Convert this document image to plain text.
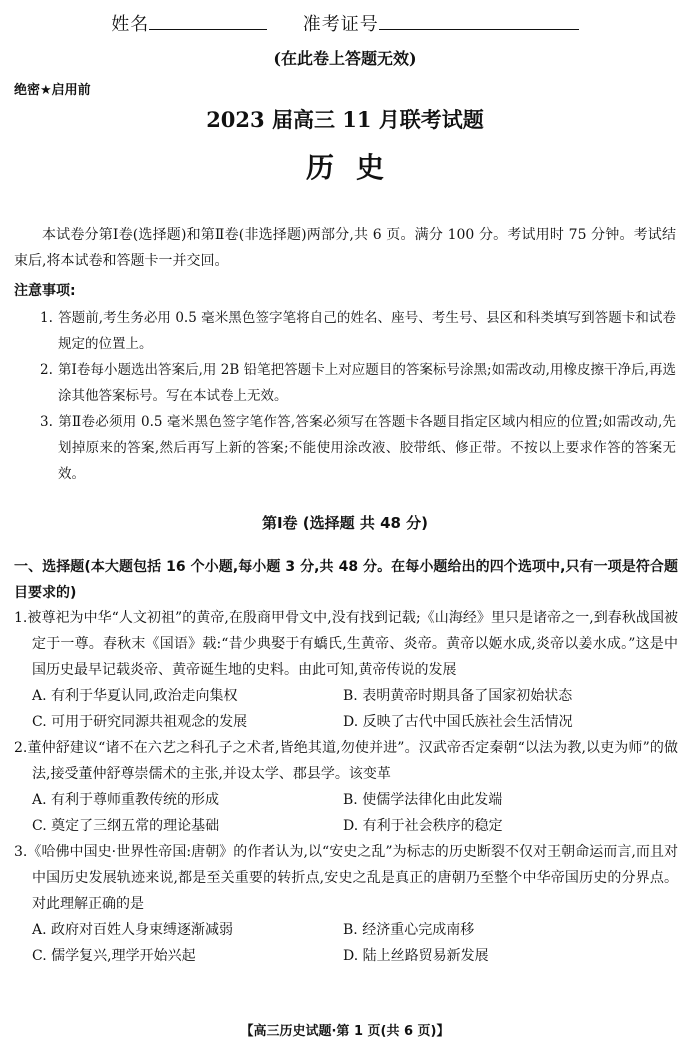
姓名	准考证号
(在此卷上答题无效)
绝密★启用前
2023 届高三 11 月联考试题
历史
本试卷分第Ⅰ卷(选择题)和第Ⅱ卷(非选择题)两部分,共 6 页。满分 100 分。考试用时 75 分钟。考试结束后,将本试卷和答题卡一并交回。
注意事项:
1. 答题前,考生务必用 0.5 毫米黑色签字笔将自己的姓名、座号、考生号、县区和科类填写到答题卡和试卷规定的位置上。
2. 第Ⅰ卷每小题选出答案后,用 2B 铅笔把答题卡上对应题目的答案标号涂黑;如需改动,用橡皮擦干净后,再选涂其他答案标号。写在本试卷上无效。
3. 第Ⅱ卷必须用 0.5 毫米黑色签字笔作答,答案必须写在答题卡各题目指定区域内相应的位置;如需改动,先划掉原来的答案,然后再写上新的答案;不能使用涂改液、胶带纸、修正带。不按以上要求作答的答案无效。
第Ⅰ卷 (选择题 共 48 分)
一、选择题(本大题包括 16 个小题,每小题 3 分,共 48 分。在每小题给出的四个选项中,只有一项是符合题目要求的)
1.被尊祀为中华“人文初祖”的黄帝,在殷商甲骨文中,没有找到记载;《山海经》里只是诸帝之一,到春秋战国被定于一尊。春秋末《国语》载:“昔少典娶于有蟜氏,生黄帝、炎帝。黄帝以姬水成,炎帝以姜水成。”这是中国历史最早记载炎帝、黄帝诞生地的史料。由此可知,黄帝传说的发展
A. 有利于华夏认同,政治走向集权	B. 表明黄帝时期具备了国家初始状态
C. 可用于研究同源共祖观念的发展	D. 反映了古代中国氏族社会生活情况
2.董仲舒建议“诸不在六艺之科孔子之术者,皆绝其道,勿使并进”。汉武帝否定秦朝“以法为教,以吏为师”的做法,接受董仲舒尊崇儒术的主张,并设太学、郡县学。该变革
A. 有利于尊师重教传统的形成	B. 使儒学法律化由此发端
C. 奠定了三纲五常的理论基础	D. 有利于社会秩序的稳定
3.《哈佛中国史·世界性帝国:唐朝》的作者认为,以“安史之乱”为标志的历史断裂不仅对王朝命运而言,而且对中国历史发展轨迹来说,都是至关重要的转折点,安史之乱是真正的唐朝乃至整个中华帝国历史的分界点。对此理解正确的是
A. 政府对百姓人身束缚逐渐减弱	B. 经济重心完成南移
C. 儒学复兴,理学开始兴起	D. 陆上丝路贸易新发展
【高三历史试题·第 1 页(共 6 页)】
